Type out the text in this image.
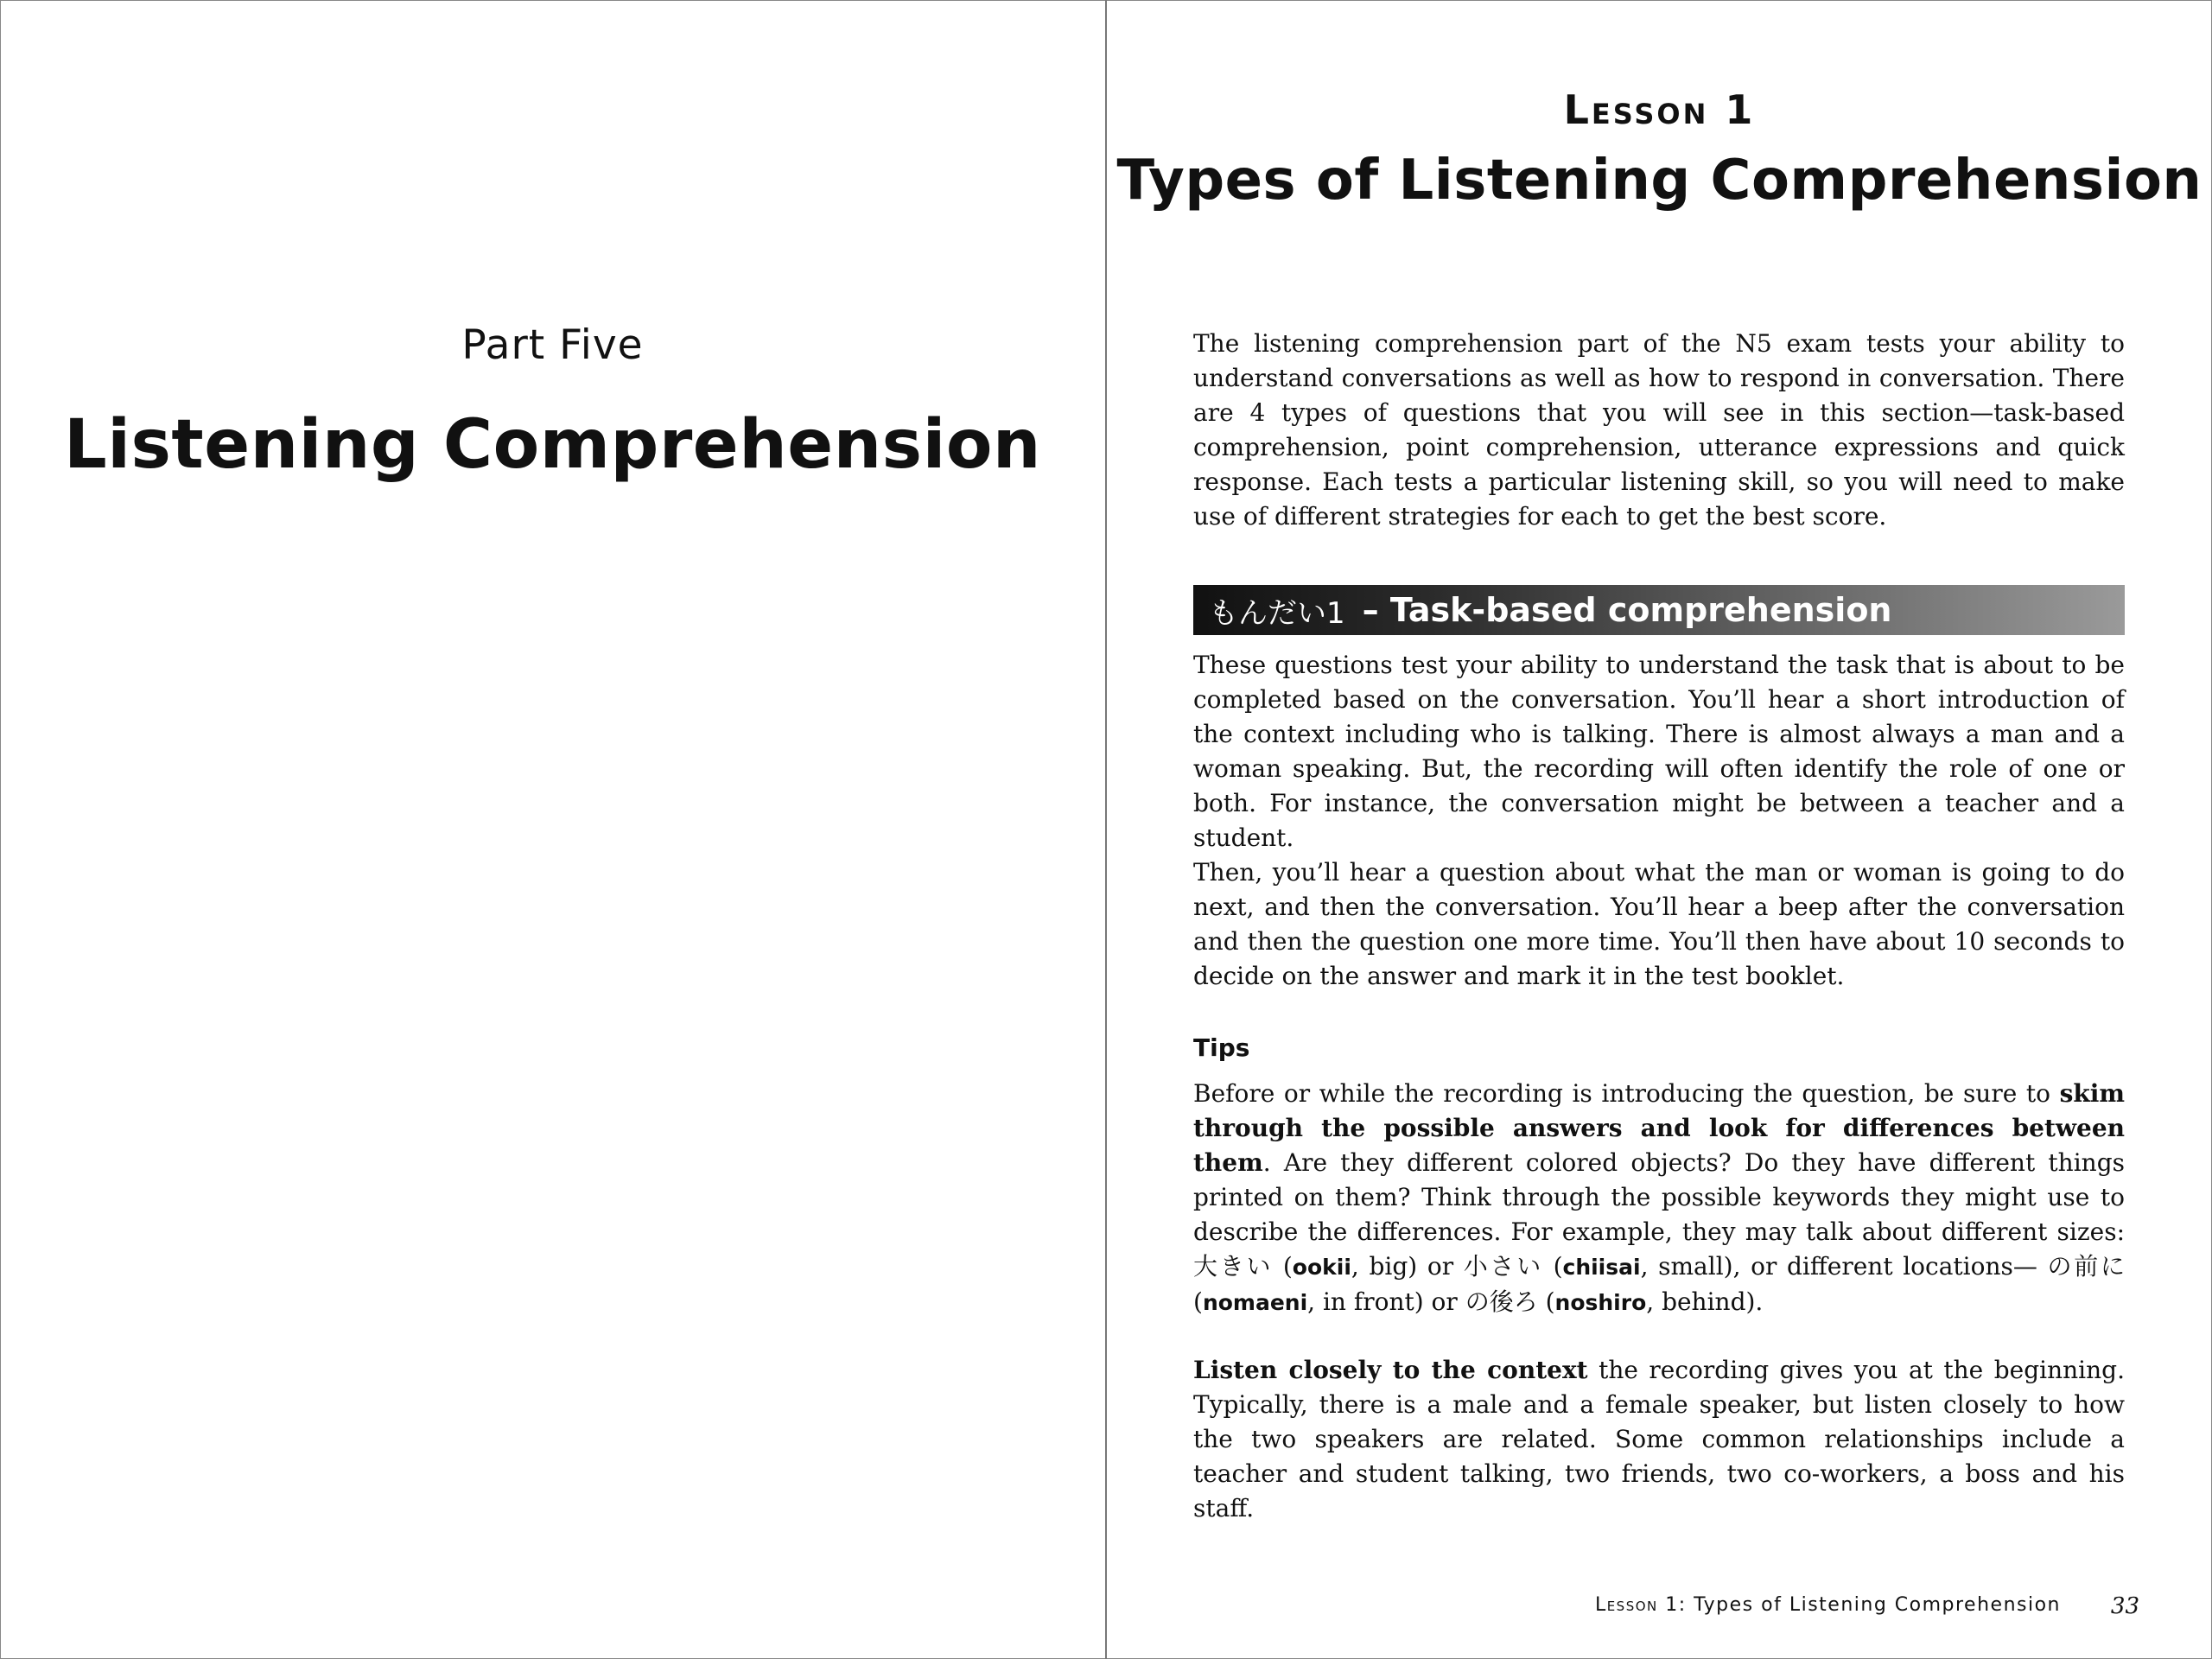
Part Five
Listening Comprehension
Lesson 1
Types of Listening Comprehension

The listening comprehension part of the N5 exam tests your ability to understand conversations as well as how to respond in conversation. There are 4 types of questions that you will see in this section—task-based comprehension, point comprehension, utterance expressions and quick response. Each tests a particular listening skill, so you will need to make use of different strategies for each to get the best score.

もんだい1 – Task-based comprehension

These questions test your ability to understand the task that is about to be completed based on the conversation. You’ll hear a short introduction of the context including who is talking. There is almost always a man and a woman speaking. But, the recording will often identify the role of one or both. For instance, the conversation might be between a teacher and a student.

Then, you’ll hear a question about what the man or woman is going to do next, and then the conversation. You’ll hear a beep after the conversation and then the question one more time. You’ll then have about 10 seconds to decide on the answer and mark it in the test booklet.

Tips

Before or while the recording is introducing the question, be sure to skim through the possible answers and look for differences between them. Are they different colored objects? Do they have different things printed on them? Think through the possible keywords they might use to describe the differences. For example, they may talk about different sizes: 大きい (ookii, big) or 小さい (chiisai, small), or different locations— の前に (nomaeni, in front) or の後ろ (noshiro, behind).

Listen closely to the context the recording gives you at the beginning. Typically, there is a male and a female speaker, but listen closely to how the two speakers are related. Some common relationships include a teacher and student talking, two friends, two co-workers, a boss and his staff.

Lesson 1: Types of Listening Comprehension	33
